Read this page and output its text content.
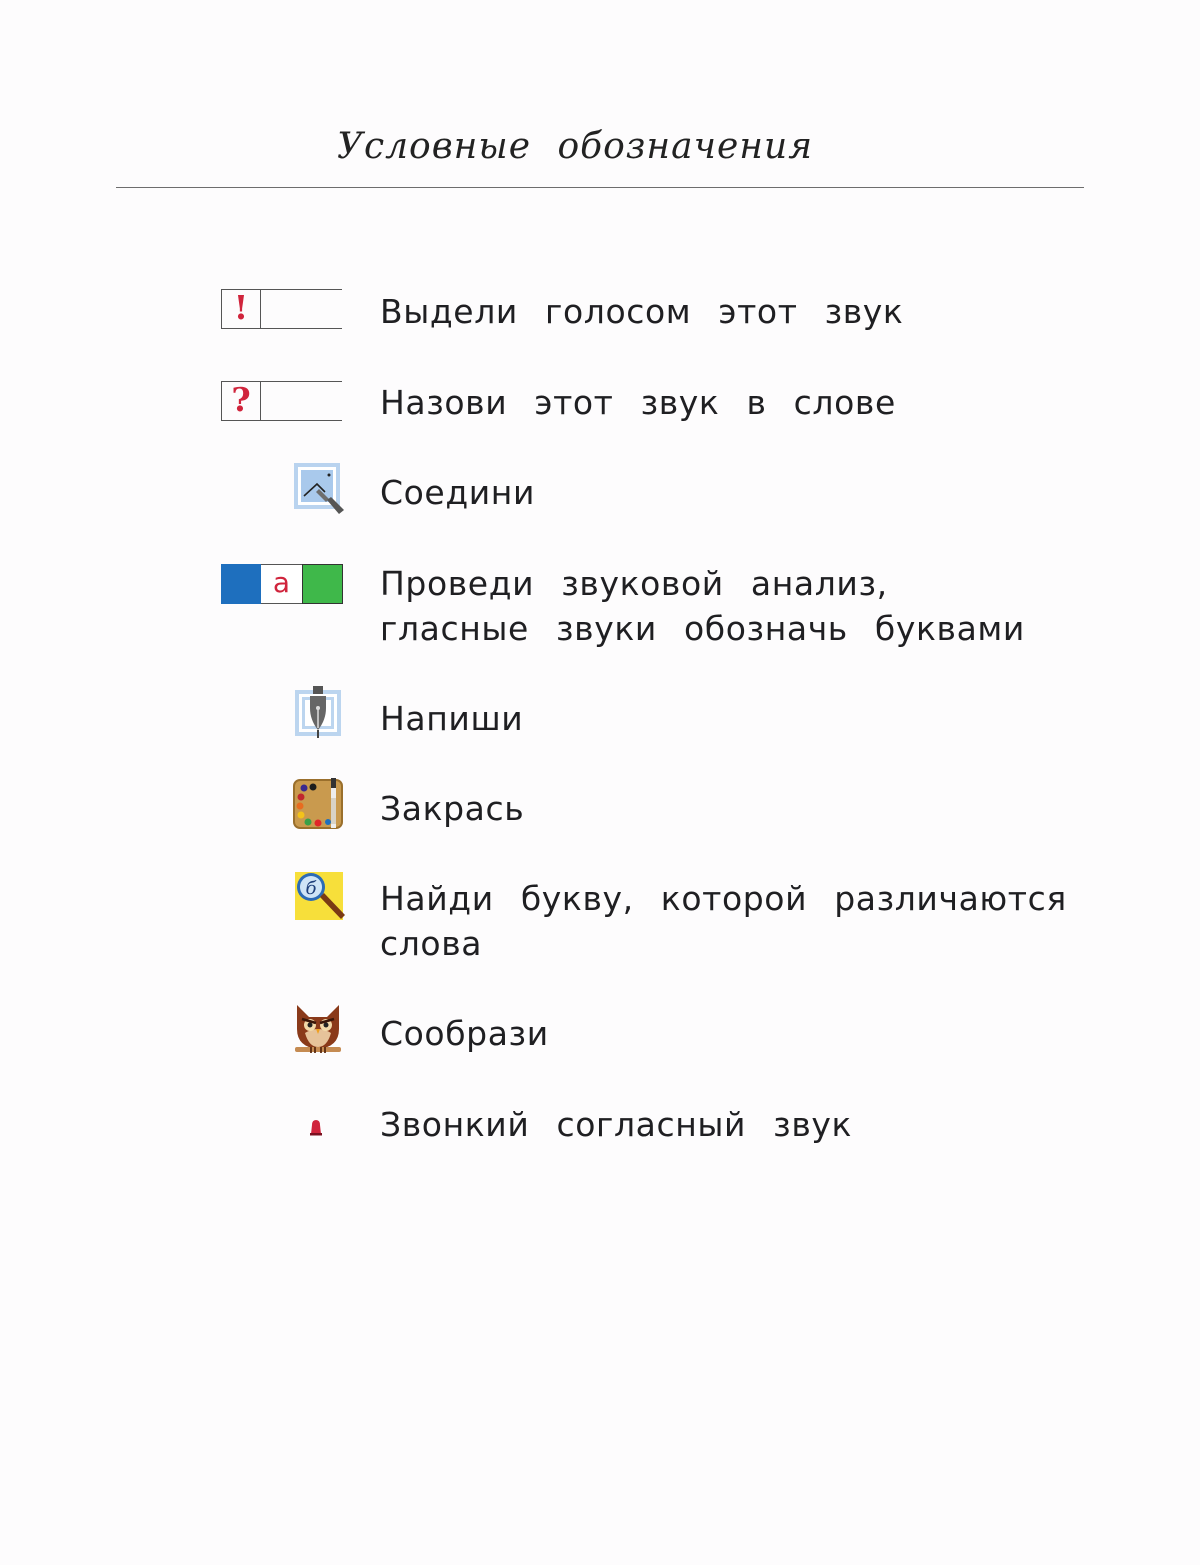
Условные обозначения
!	Выдели голосом этот звук
?	Назови этот звук в слове
Соедини
а	Проведи звуковой анализ,
гласные звуки обозначь буквами
Напиши
Закрась
б Найди букву, которой различаются
слова
Сообрази
Звонкий согласный звук
